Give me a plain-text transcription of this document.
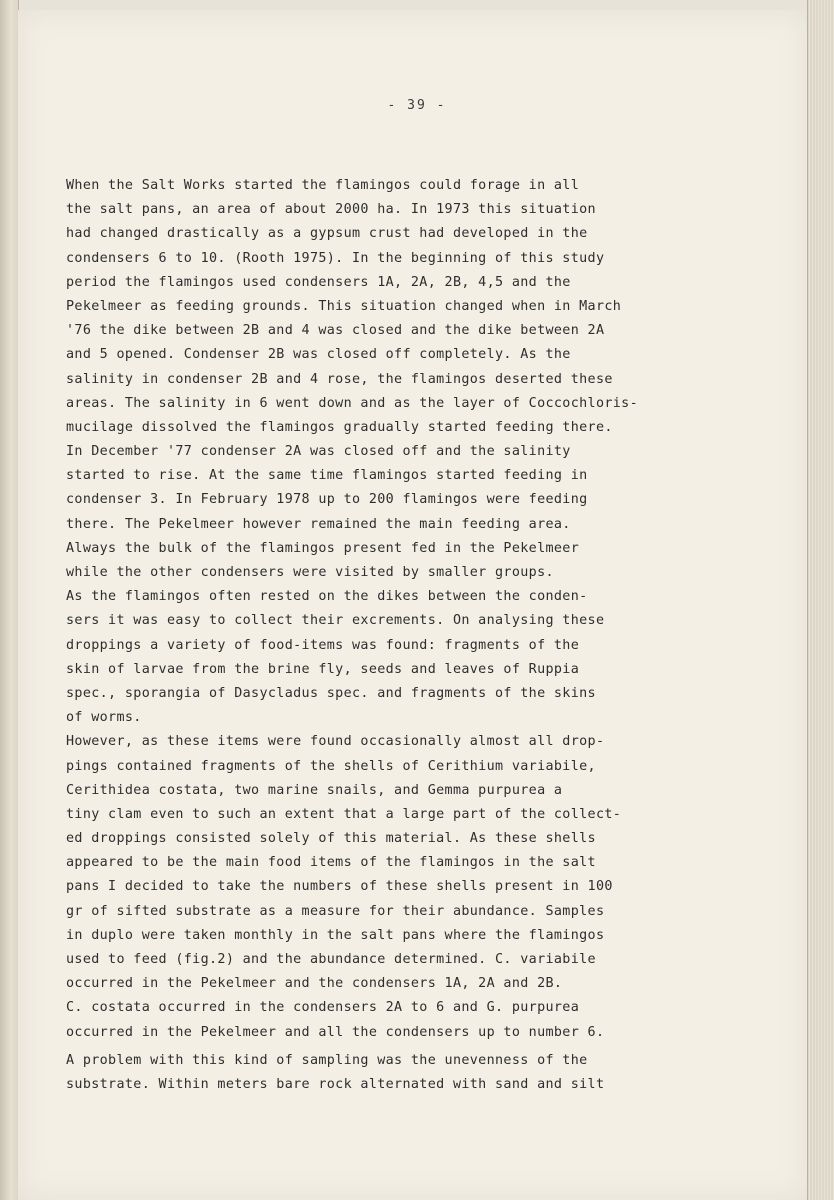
- 39 -
When the Salt Works started the flamingos could forage in all
the salt pans, an area of about 2000 ha. In 1973 this situation
had changed drastically as a gypsum crust had developed in the
condensers 6 to 10. (Rooth 1975). In the beginning of this study
period the flamingos used condensers 1A, 2A, 2B, 4,5 and the
Pekelmeer as feeding grounds. This situation changed when in March
'76 the dike between 2B and 4 was closed and the dike between 2A
and 5 opened. Condenser 2B was closed off completely. As the
salinity in condenser 2B and 4 rose, the flamingos deserted these
areas. The salinity in 6 went down and as the layer of Coccochloris-
mucilage dissolved the flamingos gradually started feeding there.
In December '77 condenser 2A was closed off and the salinity
started to rise. At the same time flamingos started feeding in
condenser 3. In February 1978 up to 200 flamingos were feeding
there. The Pekelmeer however remained the main feeding area.
Always the bulk of the flamingos present fed in the Pekelmeer
while the other condensers were visited by smaller groups.
As the flamingos often rested on the dikes between the conden-
sers it was easy to collect their excrements. On analysing these
droppings a variety of food-items was found: fragments of the
skin of larvae from the brine fly, seeds and leaves of Ruppia
spec., sporangia of Dasycladus spec. and fragments of the skins
of worms.
However, as these items were found occasionally almost all drop-
pings contained fragments of the shells of Cerithium variabile,
Cerithidea costata, two marine snails, and Gemma purpurea a
tiny clam even to such an extent that a large part of the collect-
ed droppings consisted solely of this material. As these shells
appeared to be the main food items of the flamingos in the salt
pans I decided to take the numbers of these shells present in 100
gr of sifted substrate as a measure for their abundance. Samples
in duplo were taken monthly in the salt pans where the flamingos
used to feed (fig.2) and the abundance determined. C. variabile
occurred in the Pekelmeer and the condensers 1A, 2A and 2B.
C. costata occurred in the condensers 2A to 6 and G. purpurea
occurred in the Pekelmeer and all the condensers up to number 6.
A problem with this kind of sampling was the unevenness of the
substrate. Within meters bare rock alternated with sand and silt
